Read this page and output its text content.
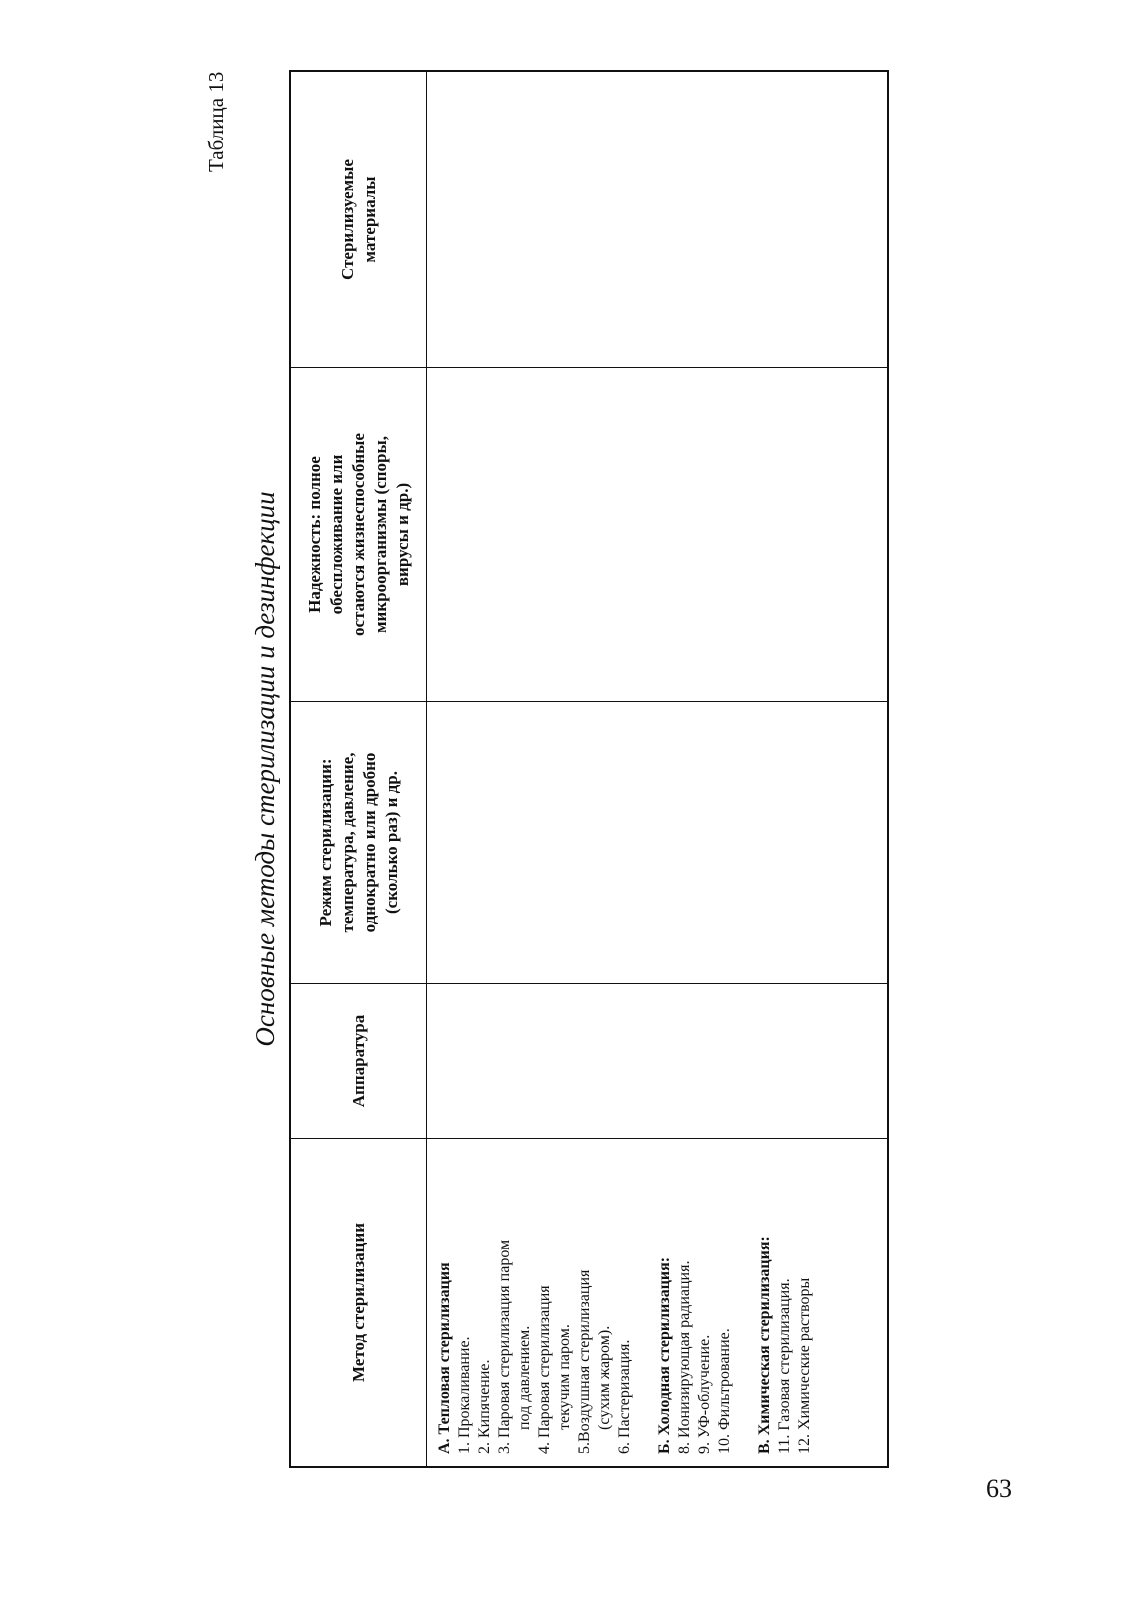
Таблица 13
Основные методы стерилизации и дезинфекции
Метод стерилизации
Аппаратура
Режим стерилизации:
температура, давление,
однократно или дробно
(сколько раз) и др.
Надежность: полное
обеспложивание или
остаются жизнеспособные
микроорганизмы (споры,
вирусы и др.)
Стерилизуемые
материалы
А. Тепловая стерилизация 1. Прокаливание. 2. Кипячение. 3. Паровая стерилизация паром под давлением. 4. Паровая стерилизация текучим паром. 5.Воздушная стерилизация (сухим жаром). 6. Пастеризация. Б. Холодная стерилизация: 8. Ионизирующая радиация. 9. УФ-облучение. 10. Фильтрование. В. Химическая стерилизация: 11. Газовая стерилизация. 12. Химические растворы
63
